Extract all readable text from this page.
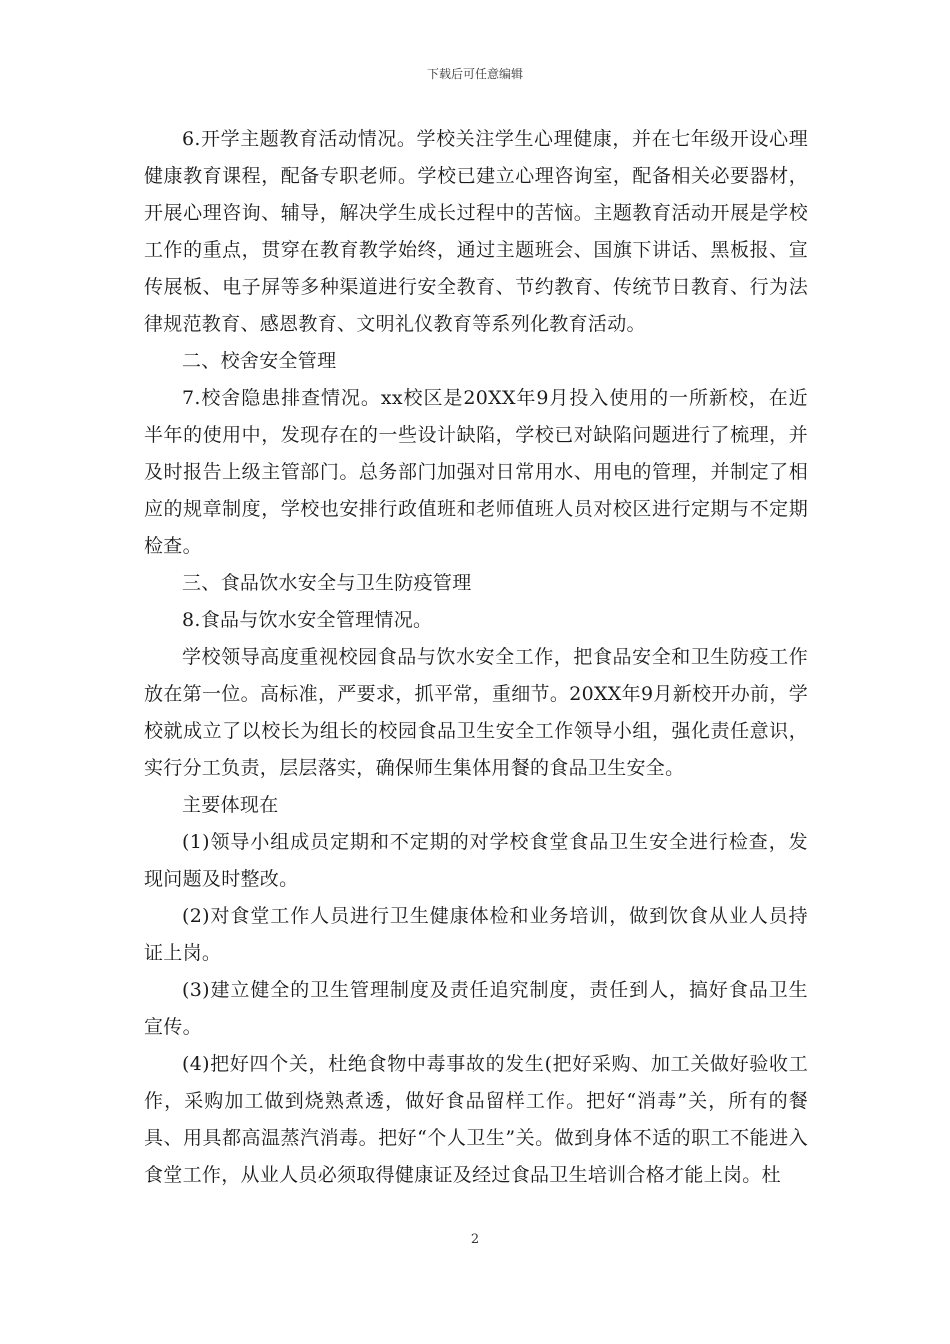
下载后可任意编辑

6.开学主题教育活动情况。学校关注学生心理健康，并在七年级开设心理健康教育课程，配备专职老师。学校已建立心理咨询室，配备相关必要器材，开展心理咨询、辅导，解决学生成长过程中的苦恼。主题教育活动开展是学校工作的重点，贯穿在教育教学始终，通过主题班会、国旗下讲话、黑板报、宣传展板、电子屏等多种渠道进行安全教育、节约教育、传统节日教育、行为法律规范教育、感恩教育、文明礼仪教育等系列化教育活动。

二、校舍安全管理

7.校舍隐患排查情况。xx校区是20XX年9月投入使用的一所新校，在近半年的使用中，发现存在的一些设计缺陷，学校已对缺陷问题进行了梳理，并及时报告上级主管部门。总务部门加强对日常用水、用电的管理，并制定了相应的规章制度，学校也安排行政值班和老师值班人员对校区进行定期与不定期检查。

三、食品饮水安全与卫生防疫管理

8.食品与饮水安全管理情况。

学校领导高度重视校园食品与饮水安全工作，把食品安全和卫生防疫工作放在第一位。高标准，严要求，抓平常，重细节。20XX年9月新校开办前，学校就成立了以校长为组长的校园食品卫生安全工作领导小组，强化责任意识，实行分工负责，层层落实，确保师生集体用餐的食品卫生安全。

主要体现在

(1)领导小组成员定期和不定期的对学校食堂食品卫生安全进行检查，发现问题及时整改。

(2)对食堂工作人员进行卫生健康体检和业务培训，做到饮食从业人员持证上岗。

(3)建立健全的卫生管理制度及责任追究制度，责任到人，搞好食品卫生宣传。

(4)把好四个关，杜绝食物中毒事故的发生(把好采购、加工关做好验收工作，采购加工做到烧熟煮透，做好食品留样工作。把好“消毒”关，所有的餐具、用具都高温蒸汽消毒。把好“个人卫生”关。做到身体不适的职工不能进入食堂工作，从业人员必须取得健康证及经过食品卫生培训合格才能上岗。杜

2
